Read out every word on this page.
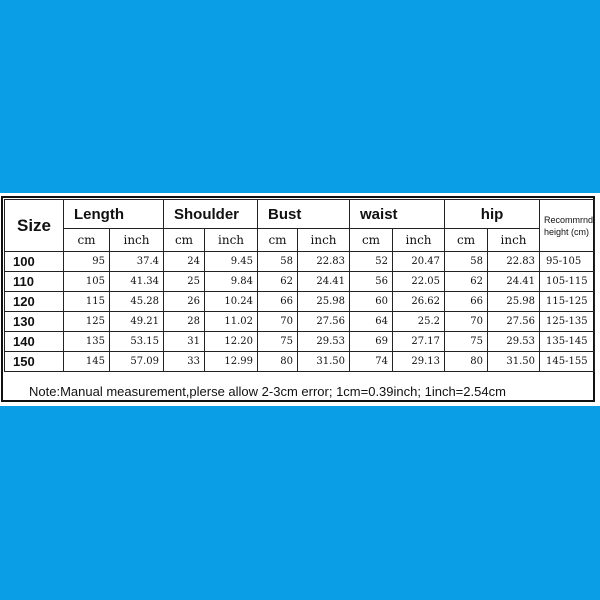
Size	Length		Shoulder		Bust		waist		hip		Recommrnd
height (cm)
	cm	inch	cm	inch	cm	inch	cm	inch	cm	inch	
100	95	37.4	24	9.45	58	22.83	52	20.47	58	22.83	95-105
110	105	41.34	25	9.84	62	24.41	56	22.05	62	24.41	105-115
120	115	45.28	26	10.24	66	25.98	60	26.62	66	25.98	115-125
130	125	49.21	28	11.02	70	27.56	64	25.2	70	27.56	125-135
140	135	53.15	31	12.20	75	29.53	69	27.17	75	29.53	135-145
150	145	57.09	33	12.99	80	31.50	74	29.13	80	31.50	145-155
Note:Manual measurement,plerse allow 2-3cm error; 1cm=0.39inch; 1inch=2.54cm
